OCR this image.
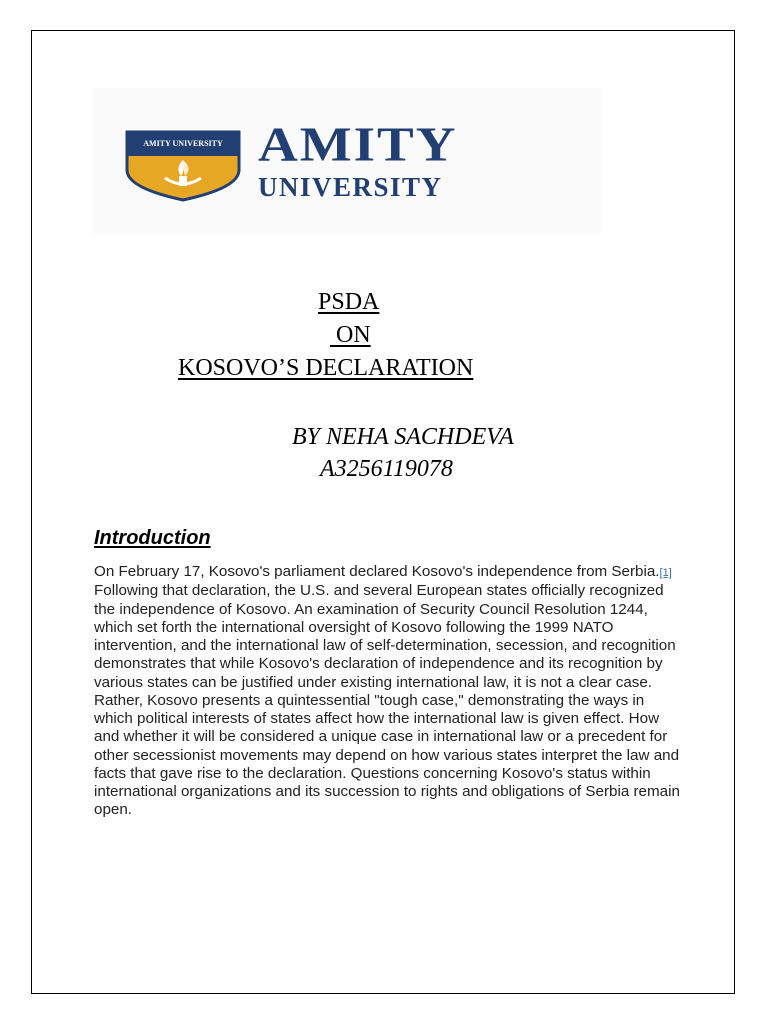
AMITY UNIVERSITY AMITY
UNIVERSITY
PSDA
ON
KOSOVO’S DECLARATION
BY NEHA SACHDEVA
A3256119078
Introduction

On February 17, Kosovo's parliament declared Kosovo's independence from Serbia.[1] Following that declaration, the U.S. and several European states officially recognized the independence of Kosovo. An examination of Security Council Resolution 1244, which set forth the international oversight of Kosovo following the 1999 NATO intervention, and the international law of self-determination, secession, and recognition demonstrates that while Kosovo's declaration of independence and its recognition by various states can be justified under existing international law, it is not a clear case. Rather, Kosovo presents a quintessential "tough case," demonstrating the ways in which political interests of states affect how the international law is given effect. How and whether it will be considered a unique case in international law or a precedent for other secessionist movements may depend on how various states interpret the law and facts that gave rise to the declaration. Questions concerning Kosovo's status within international organizations and its succession to rights and obligations of Serbia remain open.
